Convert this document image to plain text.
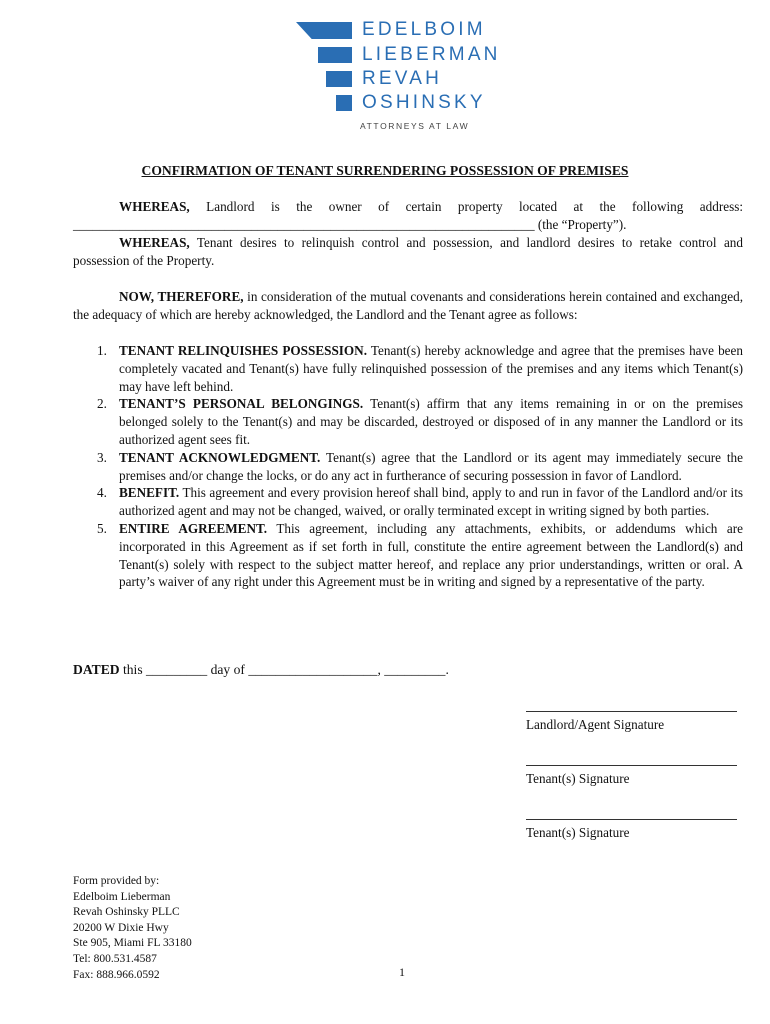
EDELBOIM
LIEBERMAN
REVAH
OSHINSKY
ATTORNEYS AT LAW
CONFIRMATION OF TENANT SURRENDERING POSSESSION OF PREMISES
WHEREAS, Landlord is the owner of certain property located at the following address: ______________________________________________________________________ (the “Property”).
WHEREAS, Tenant desires to relinquish control and possession, and landlord desires to retake control and possession of the Property.
NOW, THEREFORE, in consideration of the mutual covenants and considerations herein contained and exchanged, the adequacy of which are hereby acknowledged, the Landlord and the Tenant agree as follows:
1. TENANT RELINQUISHES POSSESSION. Tenant(s) hereby acknowledge and agree that the premises have been completely vacated and Tenant(s) have fully relinquished possession of the premises and any items which Tenant(s) may have left behind.
2. TENANT’S PERSONAL BELONGINGS. Tenant(s) affirm that any items remaining in or on the premises belonged solely to the Tenant(s) and may be discarded, destroyed or disposed of in any manner the Landlord or its authorized agent sees fit.
3. TENANT ACKNOWLEDGMENT. Tenant(s) agree that the Landlord or its agent may immediately secure the premises and/or change the locks, or do any act in furtherance of securing possession in favor of Landlord.
4. BENEFIT. This agreement and every provision hereof shall bind, apply to and run in favor of the Landlord and/or its authorized agent and may not be changed, waived, or orally terminated except in writing signed by both parties.
5. ENTIRE AGREEMENT. This agreement, including any attachments, exhibits, or addendums which are incorporated in this Agreement as if set forth in full, constitute the entire agreement between the Landlord(s) and Tenant(s) solely with respect to the subject matter hereof, and replace any prior understandings, written or oral. A party’s waiver of any right under this Agreement must be in writing and signed by a representative of the party.
DATED this _________ day of ___________________, _________.
Landlord/Agent Signature
Tenant(s) Signature
Tenant(s) Signature
Form provided by:
Edelboim Lieberman
Revah Oshinsky PLLC
20200 W Dixie Hwy
Ste 905, Miami FL 33180
Tel: 800.531.4587
Fax: 888.966.0592	1
